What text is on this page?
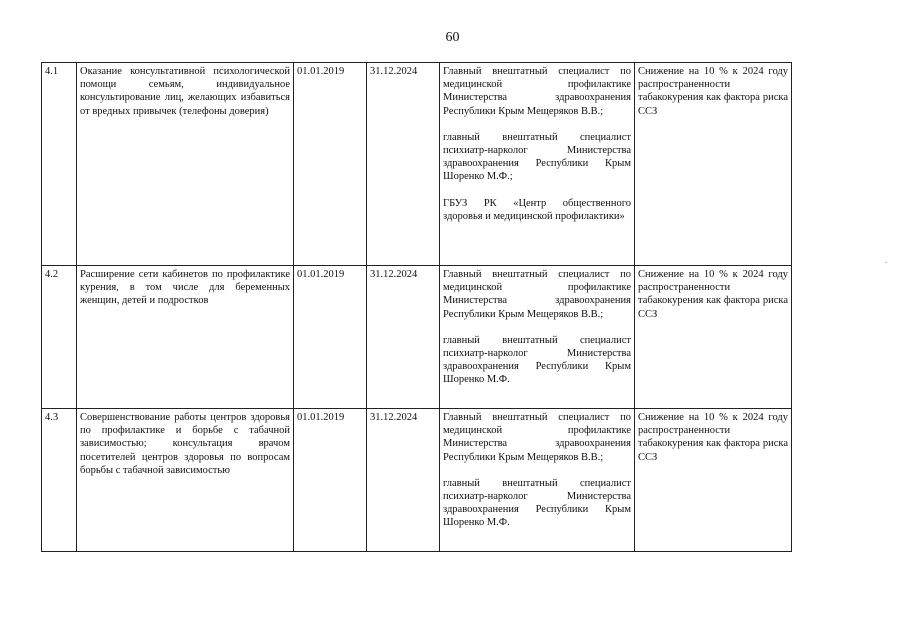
60
4.1	Оказание консультативной психологической помощи семьям, индивидуальное консультирование лиц, желающих избавиться от вредных привычек (телефоны доверия)	01.01.2019	31.12.2024	Главный внештатный специалист по медицинской профилактике Министерства здравоохранения Республики Крым Мещеряков В.В.;
главный внештатный специалист психиатр-нарколог Министерства здравоохранения Республики Крым Шоренко М.Ф.;
ГБУЗ РК «Центр общественного здоровья и медицинской профилактики»	Снижение на 10 % к 2024 году распространенности табакокурения как фактора риска ССЗ
4.2	Расширение сети кабинетов по профилактике курения, в том числе для беременных женщин, детей и подростков	01.01.2019	31.12.2024	Главный внештатный специалист по медицинской профилактике Министерства здравоохранения Республики Крым Мещеряков В.В.;
главный внештатный специалист психиатр-нарколог Министерства здравоохранения Республики Крым Шоренко М.Ф.	Снижение на 10 % к 2024 году распространенности табакокурения как фактора риска ССЗ
4.3	Совершенствование работы центров здоровья по профилактике и борьбе с табачной зависимостью; консультация врачом посетителей центров здоровья по вопросам борьбы с табачной зависимостью	01.01.2019	31.12.2024	Главный внештатный специалист по медицинской профилактике Министерства здравоохранения Республики Крым Мещеряков В.В.;
главный внештатный специалист психиатр-нарколог Министерства здравоохранения Республики Крым Шоренко М.Ф.	Снижение на 10 % к 2024 году распространенности табакокурения как фактора риска ССЗ
